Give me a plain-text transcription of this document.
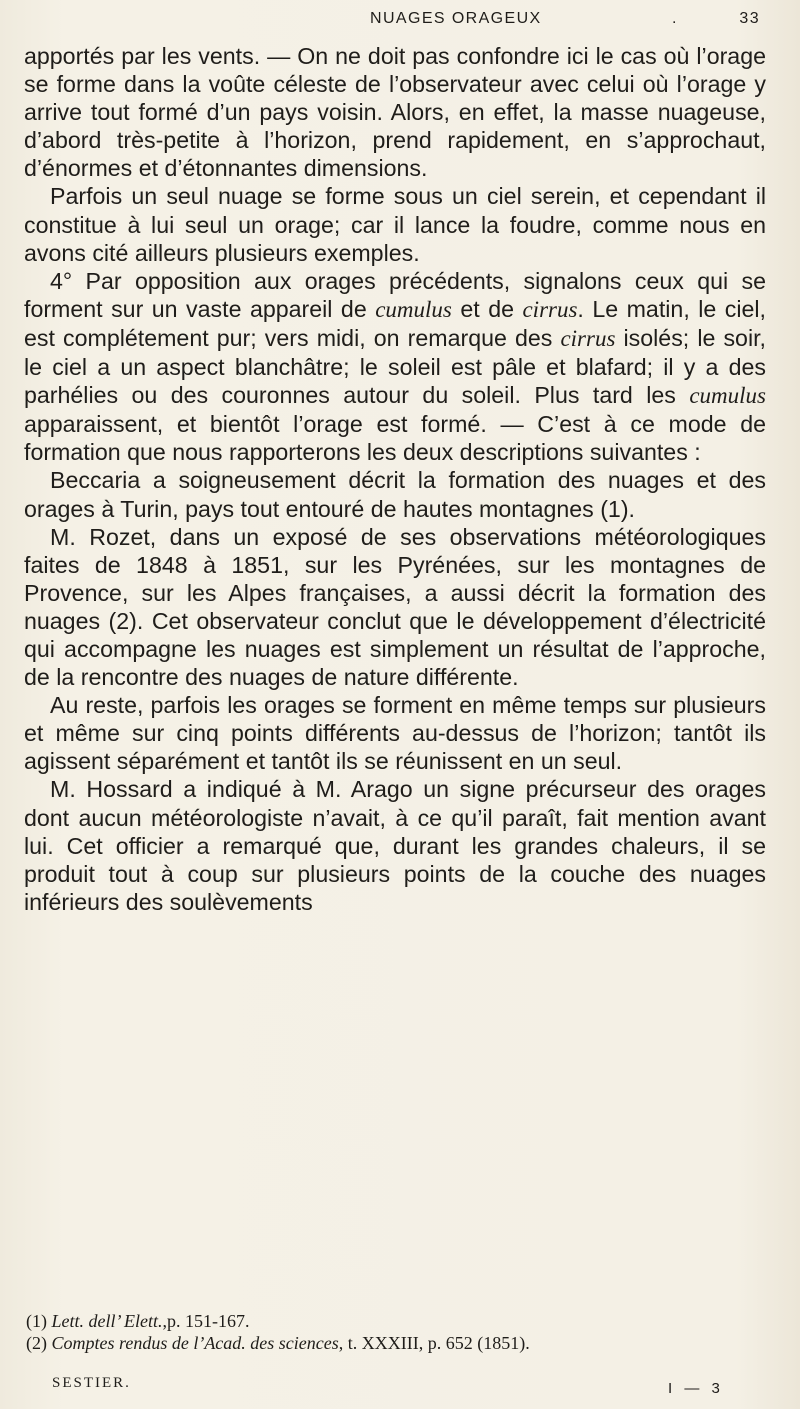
NUAGES ORAGEUX	.	33

apportés par les vents. — On ne doit pas confondre ici le cas où l’orage se forme dans la voûte céleste de l’observateur avec celui où l’orage y arrive tout formé d’un pays voisin. Alors, en effet, la masse nuageuse, d’abord très-petite à l’horizon, prend rapidement, en s’approchaut, d’énormes et d’étonnantes dimensions.

Parfois un seul nuage se forme sous un ciel serein, et cependant il constitue à lui seul un orage; car il lance la foudre, comme nous en avons cité ailleurs plusieurs exemples.

4° Par opposition aux orages précédents, signalons ceux qui se forment sur un vaste appareil de cumulus et de cirrus. Le matin, le ciel, est complétement pur; vers midi, on remarque des cirrus isolés; le soir, le ciel a un aspect blanchâtre; le soleil est pâle et blafard; il y a des parhélies ou des couronnes autour du soleil. Plus tard les cumulus apparaissent, et bientôt l’orage est formé. — C’est à ce mode de formation que nous rapporterons les deux descriptions suivantes :

Beccaria a soigneusement décrit la formation des nuages et des orages à Turin, pays tout entouré de hautes montagnes (1).

M. Rozet, dans un exposé de ses observations météorologiques faites de 1848 à 1851, sur les Pyrénées, sur les montagnes de Provence, sur les Alpes françaises, a aussi décrit la formation des nuages (2). Cet observateur conclut que le développement d’électricité qui accompagne les nuages est simplement un résultat de l’approche, de la rencontre des nuages de nature différente.

Au reste, parfois les orages se forment en même temps sur plusieurs et même sur cinq points différents au-dessus de l’horizon; tantôt ils agissent séparément et tantôt ils se réunissent en un seul.

M. Hossard a indiqué à M. Arago un signe précurseur des orages dont aucun météorologiste n’avait, à ce qu’il paraît, fait mention avant lui. Cet officier a remarqué que, durant les grandes chaleurs, il se produit tout à coup sur plusieurs points de la couche des nuages inférieurs des soulèvements

(1) Lett. dell’ Elett.,p. 151-167.
(2) Comptes rendus de l’Acad. des sciences, t. XXXIII, p. 652 (1851).
SESTIER.	I — 3
